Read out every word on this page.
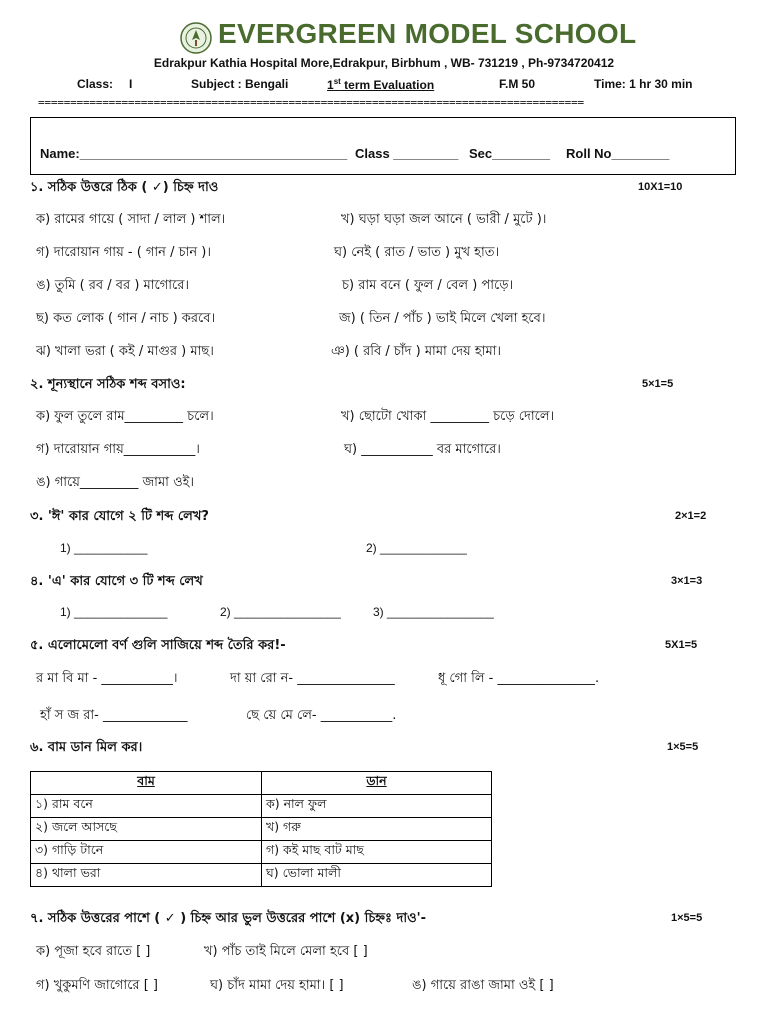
EVERGREEN MODEL SCHOOL
Edrakpur Kathia Hospital More,Edrakpur, Birbhum , WB- 731219 , Ph-9734720412
Class: I	Subject : Bengali	1st term Evaluation	F.M 50	Time: 1 hr 30 min
=====================================================================================
Name:_____________________________________ Class _________ Sec________ Roll No________
১. সঠিক উত্তরে ঠিক ( ✓) চিহ্ন দাও	10X1=10
ক) রামের গায়ে ( সাদা / লাল ) শাল।	খ) ঘড়া ঘড়া জল আনে ( ভারী / মুটে )।
গ) দারোয়ান গায় - ( গান / চান )।	ঘ) নেই ( রাত / ভাত ) মুখ হাত।
ঙ) তুমি ( রব / বর ) মাগোরে।	চ) রাম বনে ( ফুল / বেল ) পাড়ে।
ছ) কত লোক ( গান / নাচ ) করবে।	জ) ( তিন / পাঁচ ) ভাই মিলে খেলা হবে।
ঝ) খালা ভরা ( কই / মাগুর ) মাছ।	ঞ) ( রবি / চাঁদ ) মামা দেয় হামা।
২. শূন্যস্থানে সঠিক শব্দ বসাও:	5×1=5
ক) ফুল তুলে রাম_________ চলে।	খ) ছোটো খোকা _________ চড়ে দোলে।
গ) দারোয়ান গায়___________।	ঘ) ___________ বর মাগোরে।
ঙ) গায়ে_________ জামা ওই।
৩. 'ঈ' কার যোগে ২ টি শব্দ লেখ?	2×1=2
1) ___________	2) _____________
৪. 'এ' কার যোগে ৩ টি শব্দ লেখ	3×1=3
1) ______________	2) ________________	3) ________________
৫. এলোমেলো বর্ণ গুলি সাজিয়ে শব্দ তৈরি কর!-	5X1=5
র মা বি মা - ___________।	দা য়া রো ন- _______________	ধূ গো লি - _______________.
হাঁ স জ রা- _____________	ছে য়ে মে লে- ___________.
৬. বাম ডান মিল কর।	1×5=5
বাম	ডান
১) রাম বনে	ক) নাল ফুল
২) জলে আসছে	খ) গরু
৩) গাড়ি টানে	গ) কই মাছ বাট মাছ
৪) থালা ভরা	ঘ) ভোলা মালী
৭. সঠিক উত্তরের পাশে ( ✓ ) চিহ্ন আর ভুল উত্তরের পাশে (x) চিহ্নঃ দাও'-	1×5=5
ক) পূজা হবে রাতে [ ]	খ) পাঁচ তাই মিলে মেলা হবে [ ]
গ) খুকুমণি জাগোরে [ ]	ঘ) চাঁদ মামা দেয় হামা। [ ]	ঙ) গায়ে রাঙা জামা ওই [ ]
